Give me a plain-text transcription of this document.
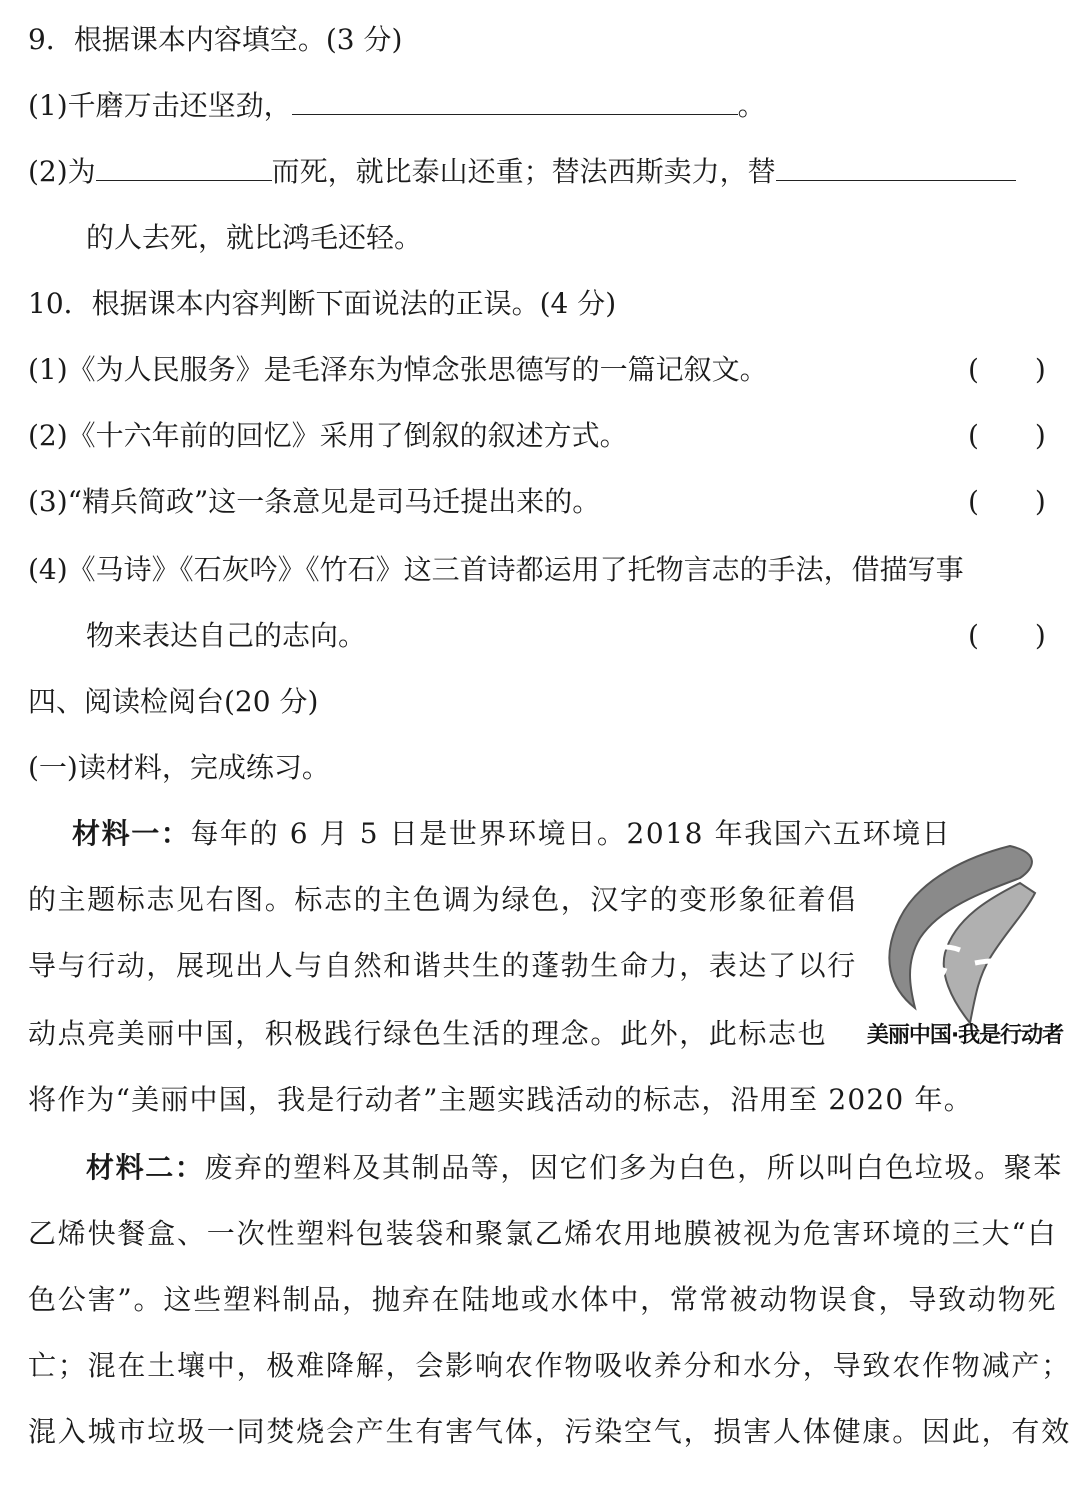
9．根据课本内容填空。(3 分)
(1)千磨万击还坚劲，	。
(2)为	而死，就比泰山还重；替法西斯卖力，替
的人去死，就比鸿毛还轻。
10．根据课本内容判断下面说法的正误。(4 分)
(1)《为人民服务》是毛泽东为悼念张思德写的一篇记叙文。	(　　)
(2)《十六年前的回忆》采用了倒叙的叙述方式。	(　　)
(3)“精兵简政”这一条意见是司马迁提出来的。	(　　)
(4)《马诗》《石灰吟》《竹石》这三首诗都运用了托物言志的手法，借描写事
物来表达自己的志向。	(　　)
四、阅读检阅台(20 分)
(一)读材料，完成练习。
材料一：每年的 6 月 5 日是世界环境日。2018 年我国六五环境日
的主题标志见右图。标志的主色调为绿色，汉字的变形象征着倡
导与行动，展现出人与自然和谐共生的蓬勃生命力，表达了以行
动点亮美丽中国，积极践行绿色生活的理念。此外，此标志也
将作为“美丽中国，我是行动者”主题实践活动的标志，沿用至 2020 年。
美丽中国·我是行动者
材料二：废弃的塑料及其制品等，因它们多为白色，所以叫白色垃圾。聚苯
乙烯快餐盒、一次性塑料包装袋和聚氯乙烯农用地膜被视为危害环境的三大“白
色公害”。这些塑料制品，抛弃在陆地或水体中，常常被动物误食，导致动物死
亡；混在土壤中，极难降解，会影响农作物吸收养分和水分，导致农作物减产；
混入城市垃圾一同焚烧会产生有害气体，污染空气，损害人体健康。因此，有效
